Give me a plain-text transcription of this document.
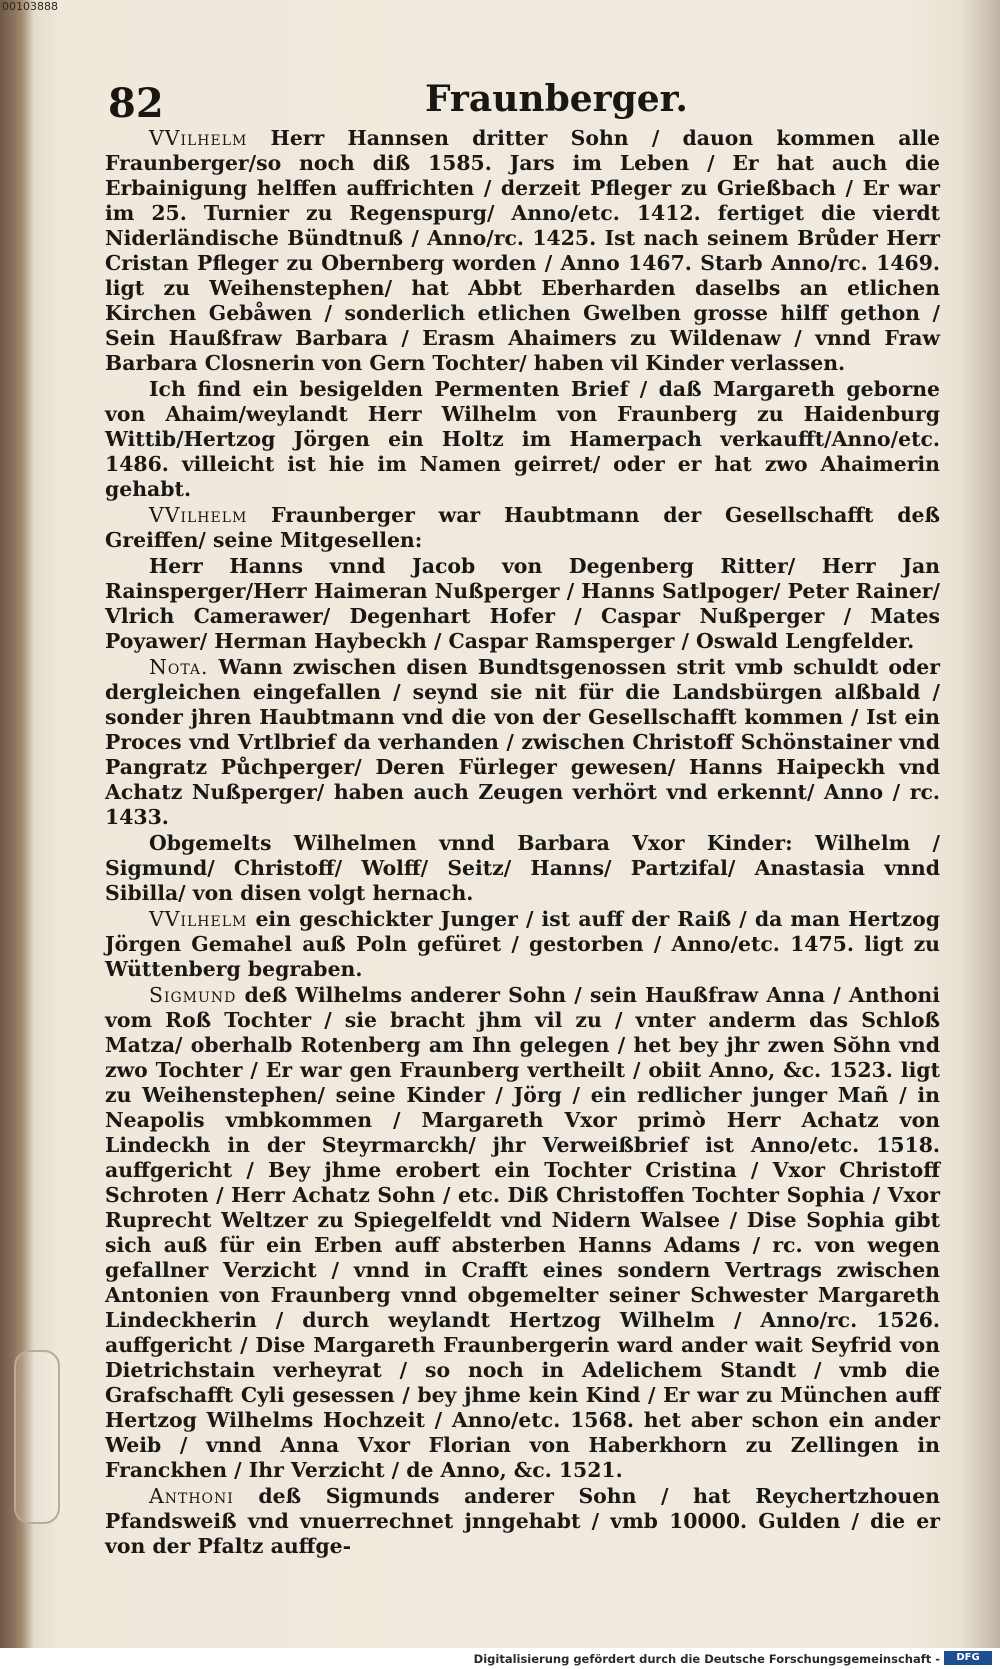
00103888
82	Fraunberger.

VVilhelm Herr Hannsen dritter Sohn / dauon kommen alle Fraunberger/so noch diß 1585. Jars im Leben / Er hat auch die Erbainigung helffen auffrichten / derzeit Pfleger zu Grießbach / Er war im 25. Turnier zu Regenspurg/ Anno/etc. 1412. fertiget die vierdt Niderländische Bündtnuß / Anno/rc. 1425. Ist nach seinem Brůder Herr Cristan Pfleger zu Obernberg worden / Anno 1467. Starb Anno/rc. 1469. ligt zu Weihenstephen/ hat Abbt Eberharden daselbs an etlichen Kirchen Gebåwen / sonderlich etlichen Gwelben grosse hilff gethon / Sein Haußfraw Barbara / Erasm Ahaimers zu Wildenaw / vnnd Fraw Barbara Closnerin von Gern Tochter/ haben vil Kinder verlassen.

Ich find ein besigelden Permenten Brief / daß Margareth geborne von Ahaim/weylandt Herr Wilhelm von Fraunberg zu Haidenburg Wittib/Hertzog Jörgen ein Holtz im Hamerpach verkaufft/Anno/etc. 1486. villeicht ist hie im Namen geirret/ oder er hat zwo Ahaimerin gehabt.

VVilhelm Fraunberger war Haubtmann der Gesellschafft deß Greiffen/ seine Mitgesellen:

Herr Hanns vnnd Jacob von Degenberg Ritter/ Herr Jan Rainsperger/Herr Haimeran Nußperger / Hanns Satlpoger/ Peter Rainer/ Vlrich Camerawer/ Degenhart Hofer / Caspar Nußperger / Mates Poyawer/ Herman Haybeckh / Caspar Ramsperger / Oswald Lengfelder.

Nota. Wann zwischen disen Bundtsgenossen strit vmb schuldt oder dergleichen eingefallen / seynd sie nit für die Landsbürgen alßbald / sonder jhren Haubtmann vnd die von der Gesellschafft kommen / Ist ein Proces vnd Vrtlbrief da verhanden / zwischen Christoff Schönstainer vnd Pangratz Půchperger/ Deren Fürleger gewesen/ Hanns Haipeckh vnd Achatz Nußperger/ haben auch Zeugen verhört vnd erkennt/ Anno / rc. 1433.

Obgemelts Wilhelmen vnnd Barbara Vxor Kinder: Wilhelm / Sigmund/ Christoff/ Wolff/ Seitz/ Hanns/ Partzifal/ Anastasia vnnd Sibilla/ von disen volgt hernach.

VVilhelm ein geschickter Junger / ist auff der Raiß / da man Hertzog Jörgen Gemahel auß Poln gefüret / gestorben / Anno/etc. 1475. ligt zu Wüttenberg begraben.

Sigmund deß Wilhelms anderer Sohn / sein Haußfraw Anna / Anthoni vom Roß Tochter / sie bracht jhm vil zu / vnter anderm das Schloß Matza/ oberhalb Rotenberg am Ihn gelegen / het bey jhr zwen Sŏhn vnd zwo Tochter / Er war gen Fraunberg vertheilt / obiit Anno, &c. 1523. ligt zu Weihenstephen/ seine Kinder / Jörg / ein redlicher junger Mañ / in Neapolis vmbkommen / Margareth Vxor primò Herr Achatz von Lindeckh in der Steyrmarckh/ jhr Verweißbrief ist Anno/etc. 1518. auffgericht / Bey jhme erobert ein Tochter Cristina / Vxor Christoff Schroten / Herr Achatz Sohn / etc. Diß Christoffen Tochter Sophia / Vxor Ruprecht Weltzer zu Spiegelfeldt vnd Nidern Walsee / Dise Sophia gibt sich auß für ein Erben auff absterben Hanns Adams / rc. von wegen gefallner Verzicht / vnnd in Crafft eines sondern Vertrags zwischen Antonien von Fraunberg vnnd obgemelter seiner Schwester Margareth Lindeckherin / durch weylandt Hertzog Wilhelm / Anno/rc. 1526. auffgericht / Dise Margareth Fraunbergerin ward ander wait Seyfrid von Dietrichstain verheyrat / so noch in Adelichem Standt / vmb die Grafschafft Cyli gesessen / bey jhme kein Kind / Er war zu München auff Hertzog Wilhelms Hochzeit / Anno/etc. 1568. het aber schon ein ander Weib / vnnd Anna Vxor Florian von Haberkhorn zu Zellingen in Franckhen / Ihr Verzicht / de Anno, &c. 1521.

Anthoni deß Sigmunds anderer Sohn / hat Reychertzhouen Pfandsweiß vnd vnuerrechnet jnngehabt / vmb 10000. Gulden / die er von der Pfaltz auffge-

Digitalisierung gefördert durch die Deutsche Forschungsgemeinschaft -	DFG
